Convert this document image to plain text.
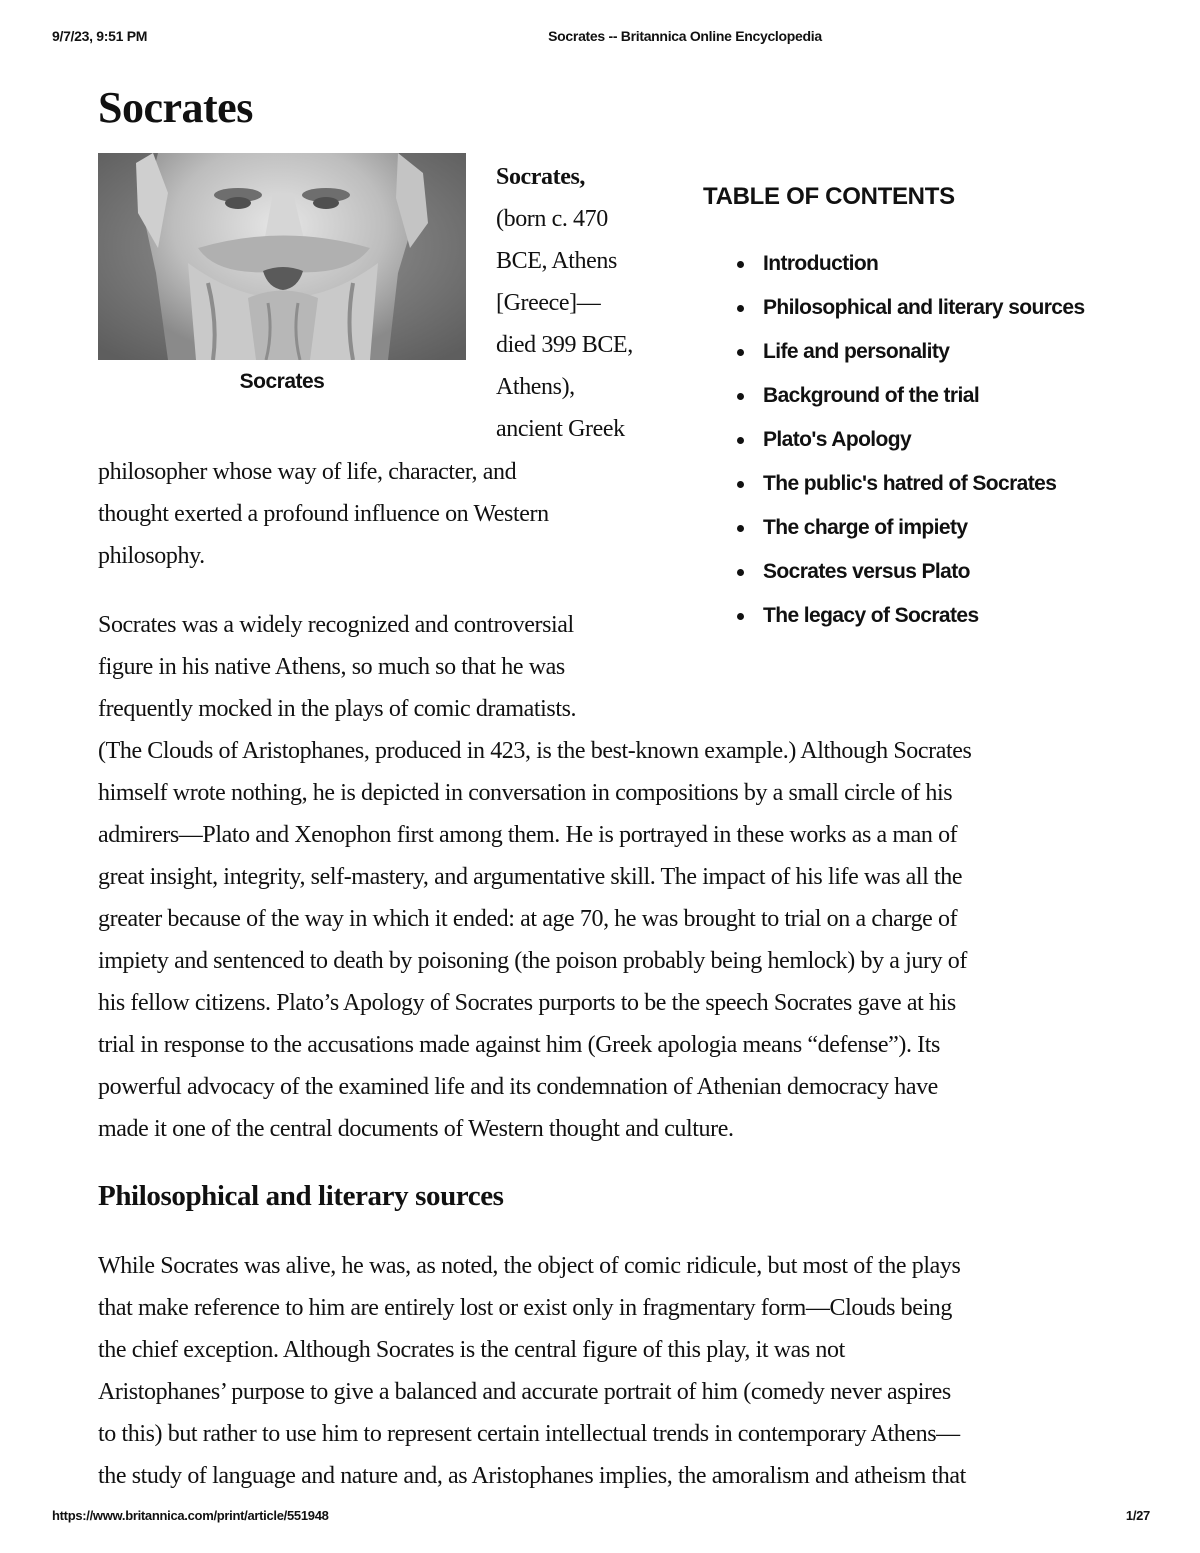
9/7/23, 9:51 PM	Socrates -- Britannica Online Encyclopedia
Socrates
Socrates
Socrates,
(born c. 470
BCE, Athens
[Greece]—
died 399 BCE,
Athens),
ancient Greek
philosopher whose way of life, character, and
thought exerted a profound influence on Western
philosophy.
Socrates was a widely recognized and controversial
figure in his native Athens, so much so that he was
frequently mocked in the plays of comic dramatists.
(The Clouds of Aristophanes, produced in 423, is the best-known example.) Although Socrates
himself wrote nothing, he is depicted in conversation in compositions by a small circle of his
admirers—Plato and Xenophon first among them. He is portrayed in these works as a man of
great insight, integrity, self-mastery, and argumentative skill. The impact of his life was all the
greater because of the way in which it ended: at age 70, he was brought to trial on a charge of
impiety and sentenced to death by poisoning (the poison probably being hemlock) by a jury of
his fellow citizens. Plato’s Apology of Socrates purports to be the speech Socrates gave at his
trial in response to the accusations made against him (Greek apologia means “defense”). Its
powerful advocacy of the examined life and its condemnation of Athenian democracy have
made it one of the central documents of Western thought and culture.
Philosophical and literary sources
While Socrates was alive, he was, as noted, the object of comic ridicule, but most of the plays
that make reference to him are entirely lost or exist only in fragmentary form—Clouds being
the chief exception. Although Socrates is the central figure of this play, it was not
Aristophanes’ purpose to give a balanced and accurate portrait of him (comedy never aspires
to this) but rather to use him to represent certain intellectual trends in contemporary Athens—
the study of language and nature and, as Aristophanes implies, the amoralism and atheism that
TABLE OF CONTENTS
Introduction
Philosophical and literary sources
Life and personality
Background of the trial
Plato's Apology
The public's hatred of Socrates
The charge of impiety
Socrates versus Plato
The legacy of Socrates
https://www.britannica.com/print/article/551948	1/27
